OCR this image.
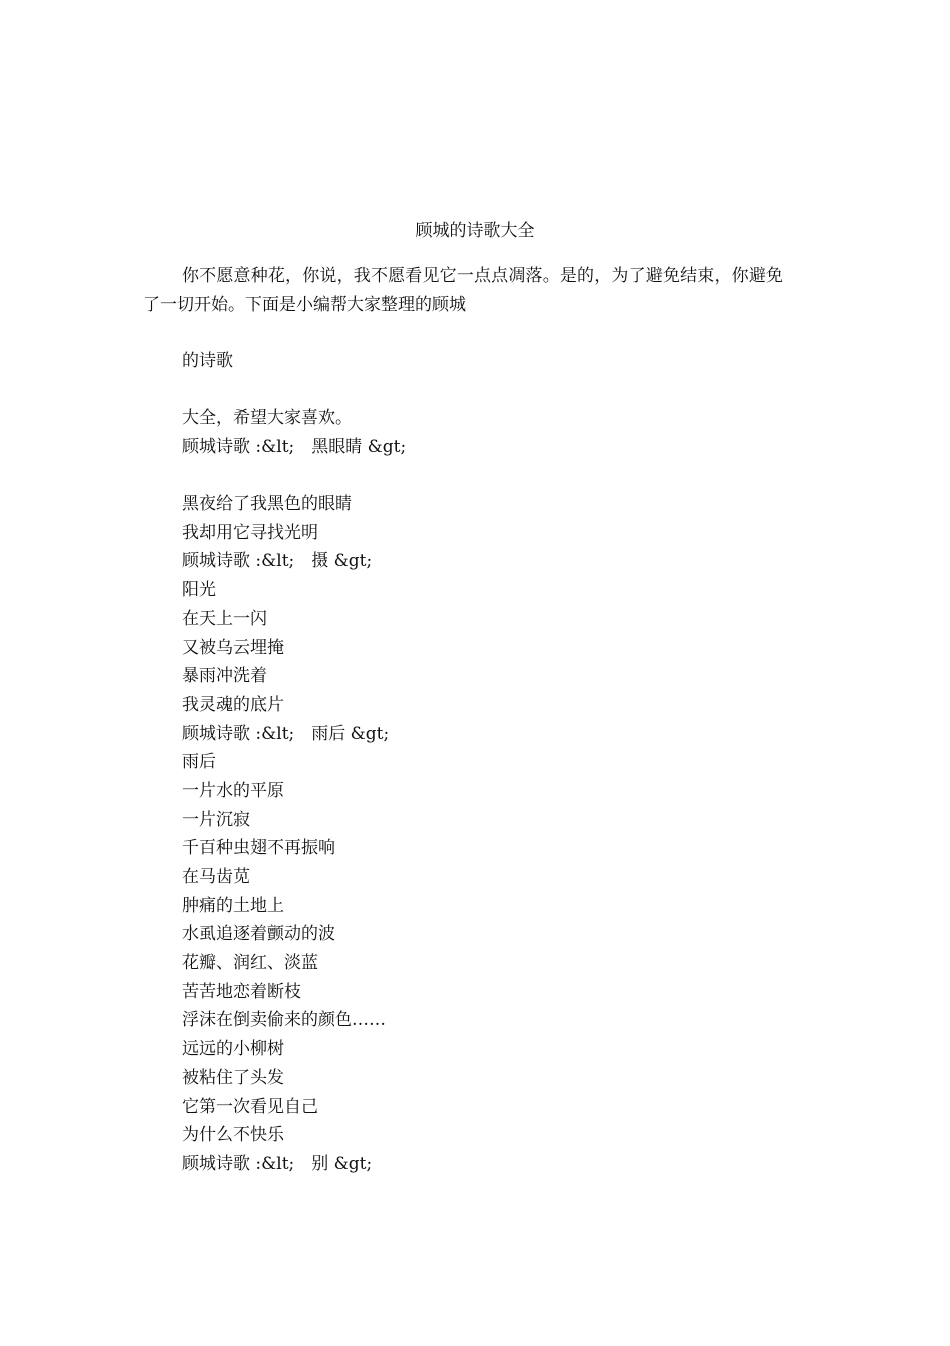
顾城的诗歌大全

你不愿意种花，你说，我不愿看见它一点点凋落。是的，为了避免结束，你避免了一切开始。下面是小编帮大家整理的顾城

的诗歌

大全，希望大家喜欢。
顾城诗歌 :&lt;　黑眼睛 &gt;
黑夜给了我黑色的眼睛
我却用它寻找光明
顾城诗歌 :&lt;　摄 &gt;
阳光
在天上一闪
又被乌云埋掩
暴雨冲洗着
我灵魂的底片
顾城诗歌 :&lt;　雨后 &gt;
雨后
一片水的平原
一片沉寂
千百种虫翅不再振响
在马齿苋
肿痛的土地上
水虱追逐着颤动的波
花瓣、润红、淡蓝
苦苦地恋着断枝
浮沫在倒卖偷来的颜色……
远远的小柳树
被粘住了头发
它第一次看见自己
为什么不快乐
顾城诗歌 :&lt;　别 &gt;
